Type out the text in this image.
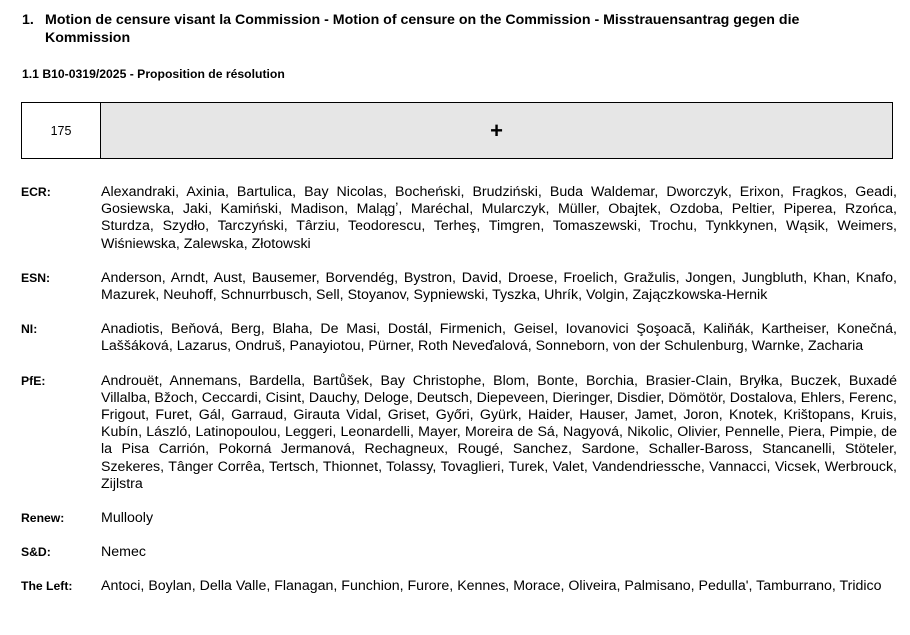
1. Motion de censure visant la Commission - Motion of censure on the Commission - Misstrauensantrag gegen die Kommission
1.1 B10-0319/2025 - Proposition de résolution
175	+
ECR:	Alexandraki, Axinia, Bartulica, Bay Nicolas, Bocheński, Brudziński, Buda Waldemar, Dworczyk, Erixon, Fragkos, Geadi, Gosiewska, Jaki, Kamiński, Madison, Malągʼ, Maréchal, Mularczyk, Müller, Obajtek, Ozdoba, Peltier, Piperea, Rzońca, Sturdza, Szydło, Tarczyński, Târziu, Teodorescu, Terheş, Timgren, Tomaszewski, Trochu, Tynkkynen, Wąsik, Weimers, Wiśniewska, Zalewska, Złotowski
ESN:	Anderson, Arndt, Aust, Bausemer, Borvendég, Bystron, David, Droese, Froelich, Gražulis, Jongen, Jungbluth, Khan, Knafo, Mazurek, Neuhoff, Schnurrbusch, Sell, Stoyanov, Sypniewski, Tyszka, Uhrík, Volgin, Zajączkowska-Hernik
NI:	Anadiotis, Beňová, Berg, Blaha, De Masi, Dostál, Firmenich, Geisel, Iovanovici Şoşoacă, Kaliňák, Kartheiser, Konečná, Laššáková, Lazarus, Ondruš, Panayiotou, Pürner, Roth Neveďalová, Sonneborn, von der Schulenburg, Warnke, Zacharia
PfE:	Androuët, Annemans, Bardella, Bartůšek, Bay Christophe, Blom, Bonte, Borchia, Brasier-Clain, Bryłka, Buczek, Buxadé Villalba, Bžoch, Ceccardi, Cisint, Dauchy, Deloge, Deutsch, Diepeveen, Dieringer, Disdier, Dömötör, Dostalova, Ehlers, Ferenc, Frigout, Furet, Gál, Garraud, Girauta Vidal, Griset, Győri, Gyürk, Haider, Hauser, Jamet, Joron, Knotek, Krištopans, Kruis, Kubín, László, Latinopoulou, Leggeri, Leonardelli, Mayer, Moreira de Sá, Nagyová, Nikolic, Olivier, Pennelle, Piera, Pimpie, de la Pisa Carrión, Pokorná Jermanová, Rechagneux, Rougé, Sanchez, Sardone, Schaller-Baross, Stancanelli, Stöteler, Szekeres, Tânger Corrêa, Tertsch, Thionnet, Tolassy, Tovaglieri, Turek, Valet, Vandendriessche, Vannacci, Vicsek, Werbrouck, Zijlstra
Renew:	Mullooly
S&D:	Nemec
The Left:	Antoci, Boylan, Della Valle, Flanagan, Funchion, Furore, Kennes, Morace, Oliveira, Palmisano, Pedulla', Tamburrano, Tridico
